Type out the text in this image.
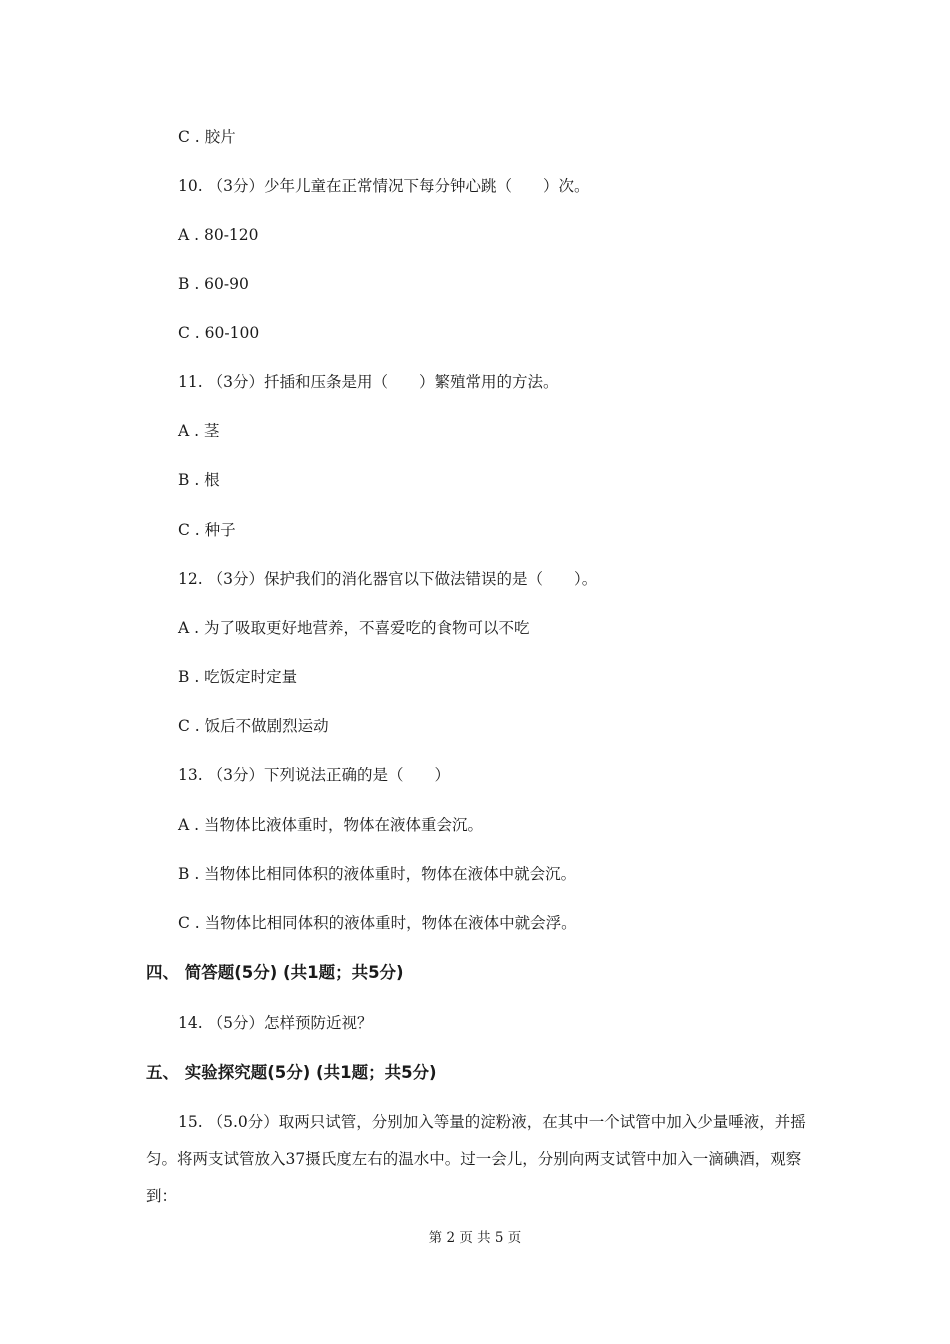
C . 胶片
10. （3分）少年儿童在正常情况下每分钟心跳（　　）次。
A . 80-120
B . 60-90
C . 60-100
11. （3分）扦插和压条是用（　　）繁殖常用的方法。
A . 茎
B . 根
C . 种子
12. （3分）保护我们的消化器官以下做法错误的是（　　）。
A . 为了吸取更好地营养，不喜爱吃的食物可以不吃
B . 吃饭定时定量
C . 饭后不做剧烈运动
13. （3分）下列说法正确的是（　　）
A . 当物体比液体重时，物体在液体重会沉。
B . 当物体比相同体积的液体重时，物体在液体中就会沉。
C . 当物体比相同体积的液体重时，物体在液体中就会浮。
四、 简答题(5分) (共1题；共5分)
14. （5分）怎样预防近视？
五、 实验探究题(5分) (共1题；共5分)
15. （5.0分）取两只试管，分别加入等量的淀粉液，在其中一个试管中加入少量唾液，并摇匀。将两支试管放入37摄氏度左右的温水中。过一会儿，分别向两支试管中加入一滴碘酒，观察到：
第 2 页 共 5 页
